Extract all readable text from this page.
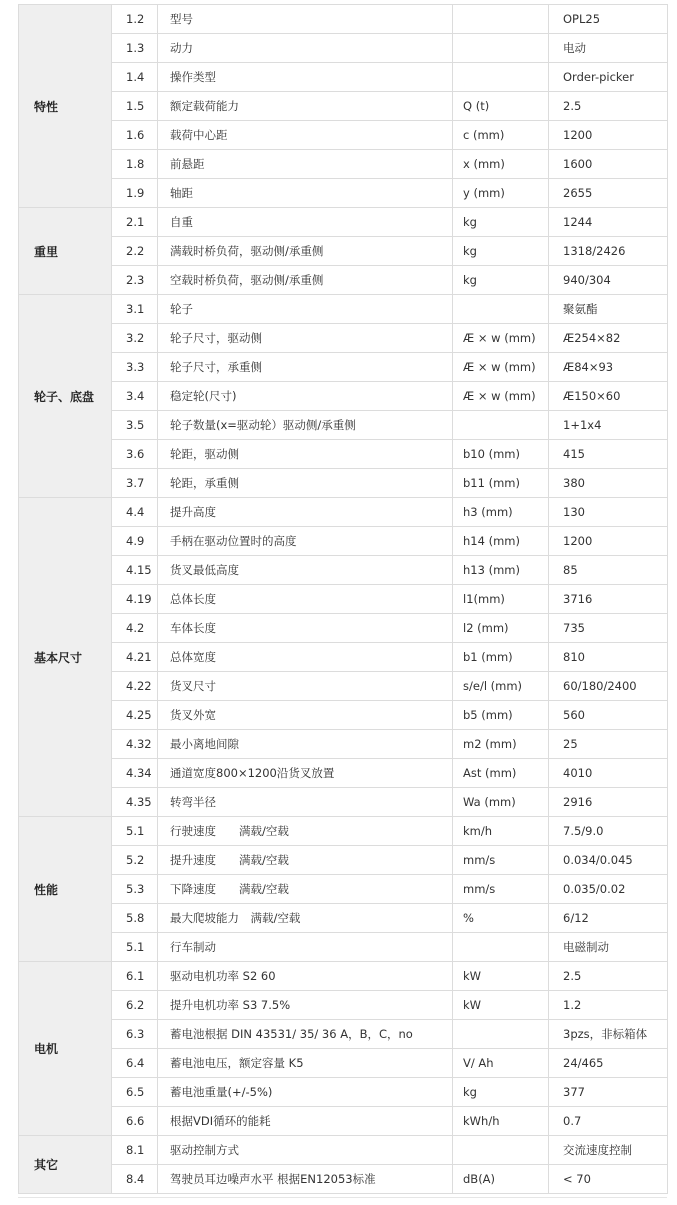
特性	1.2	型号		OPL25
	1.3	动力		电动
	1.4	操作类型		Order-picker
	1.5	额定载荷能力	Q (t)	2.5
	1.6	载荷中心距	c (mm)	1200
	1.8	前悬距	x (mm)	1600
	1.9	轴距	y (mm)	2655
重里	2.1	自重	kg	1244
	2.2	满载时桥负荷，驱动侧/承重侧	kg	1318/2426
	2.3	空载时桥负荷，驱动侧/承重侧	kg	940/304
轮子、底盘	3.1	轮子		聚氨酯
	3.2	轮子尺寸，驱动侧	Æ × w (mm)	Æ254×82
	3.3	轮子尺寸，承重侧	Æ × w (mm)	Æ84×93
	3.4	稳定轮(尺寸)	Æ × w (mm)	Æ150×60
	3.5	轮子数量(x=驱动轮）驱动侧/承重侧		1+1x4
	3.6	轮距，驱动侧	b10 (mm)	415
	3.7	轮距，承重侧	b11 (mm)	380
基本尺寸	4.4	提升高度	h3 (mm)	130
	4.9	手柄在驱动位置时的高度	h14 (mm)	1200
	4.15	货叉最低高度	h13 (mm)	85
	4.19	总体长度	l1(mm)	3716
	4.2	车体长度	l2 (mm)	735
	4.21	总体宽度	b1 (mm)	810
	4.22	货叉尺寸	s/e/l (mm)	60/180/2400
	4.25	货叉外宽	b5 (mm)	560
	4.32	最小离地间隙	m2 (mm)	25
	4.34	通道宽度800×1200沿货叉放置	Ast (mm)	4010
	4.35	转弯半径	Wa (mm)	2916
性能	5.1	行驶速度　　满载/空载	km/h	7.5/9.0
	5.2	提升速度　　满载/空载	mm/s	0.034/0.045
	5.3	下降速度　　满载/空载	mm/s	0.035/0.02
	5.8	最大爬坡能力　满载/空载	%	6/12
	5.1	行车制动		电磁制动
电机	6.1	驱动电机功率 S2 60	kW	2.5
	6.2	提升电机功率 S3 7.5%	kW	1.2
	6.3	蓄电池根据 DIN 43531/ 35/ 36 A，B，C，no		3pzs，非标箱体
	6.4	蓄电池电压，额定容量 K5	V/ Ah	24/465
	6.5	蓄电池重量(+/-5%)	kg	377
	6.6	根据VDI循环的能耗	kWh/h	0.7
其它	8.1	驱动控制方式		交流速度控制
	8.4	驾驶员耳边噪声水平 根据EN12053标准	dB(A)	< 70
